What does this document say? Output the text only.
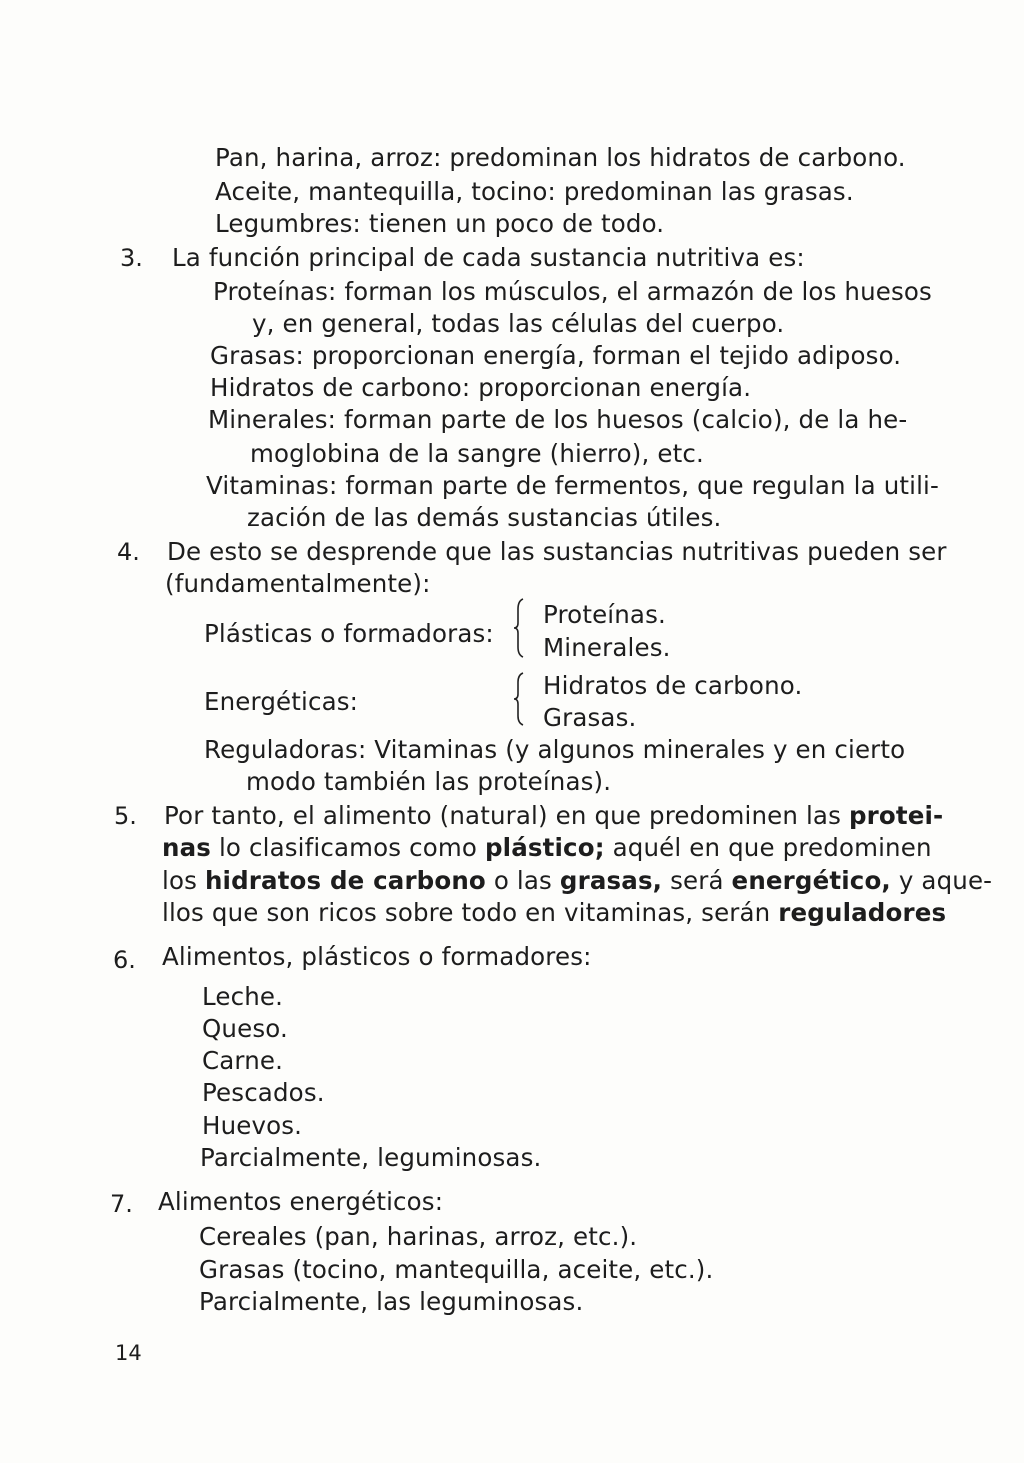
Pan, harina, arroz: predominan los hidratos de carbono.
Aceite, mantequilla, tocino: predominan las grasas.
Legumbres: tienen un poco de todo.
3. La función principal de cada sustancia nutritiva es:
Proteínas: forman los músculos, el armazón de los huesos
y, en general, todas las células del cuerpo.
Grasas: proporcionan energía, forman el tejido adiposo.
Hidratos de carbono: proporcionan energía.
Minerales: forman parte de los huesos (calcio), de la he-
moglobina de la sangre (hierro), etc.
Vitaminas: forman parte de fermentos, que regulan la utili-
zación de las demás sustancias útiles.
4. De esto se desprende que las sustancias nutritivas pueden ser
(fundamentalmente):
Plásticas o formadoras:
Proteínas.
Minerales.
Energéticas:
Hidratos de carbono.
Grasas.
Reguladoras: Vitaminas (y algunos minerales y en cierto
modo también las proteínas).
5. Por tanto, el alimento (natural) en que predominen las protei-
nas lo clasificamos como plástico; aquél en que predominen
los hidratos de carbono o las grasas, será energético, y aque-
llos que son ricos sobre todo en vitaminas, serán reguladores
6. Alimentos, plásticos o formadores:
Leche.
Queso.
Carne.
Pescados.
Huevos.
Parcialmente, leguminosas.
7. Alimentos energéticos:
Cereales (pan, harinas, arroz, etc.).
Grasas (tocino, mantequilla, aceite, etc.).
Parcialmente, las leguminosas.
14
